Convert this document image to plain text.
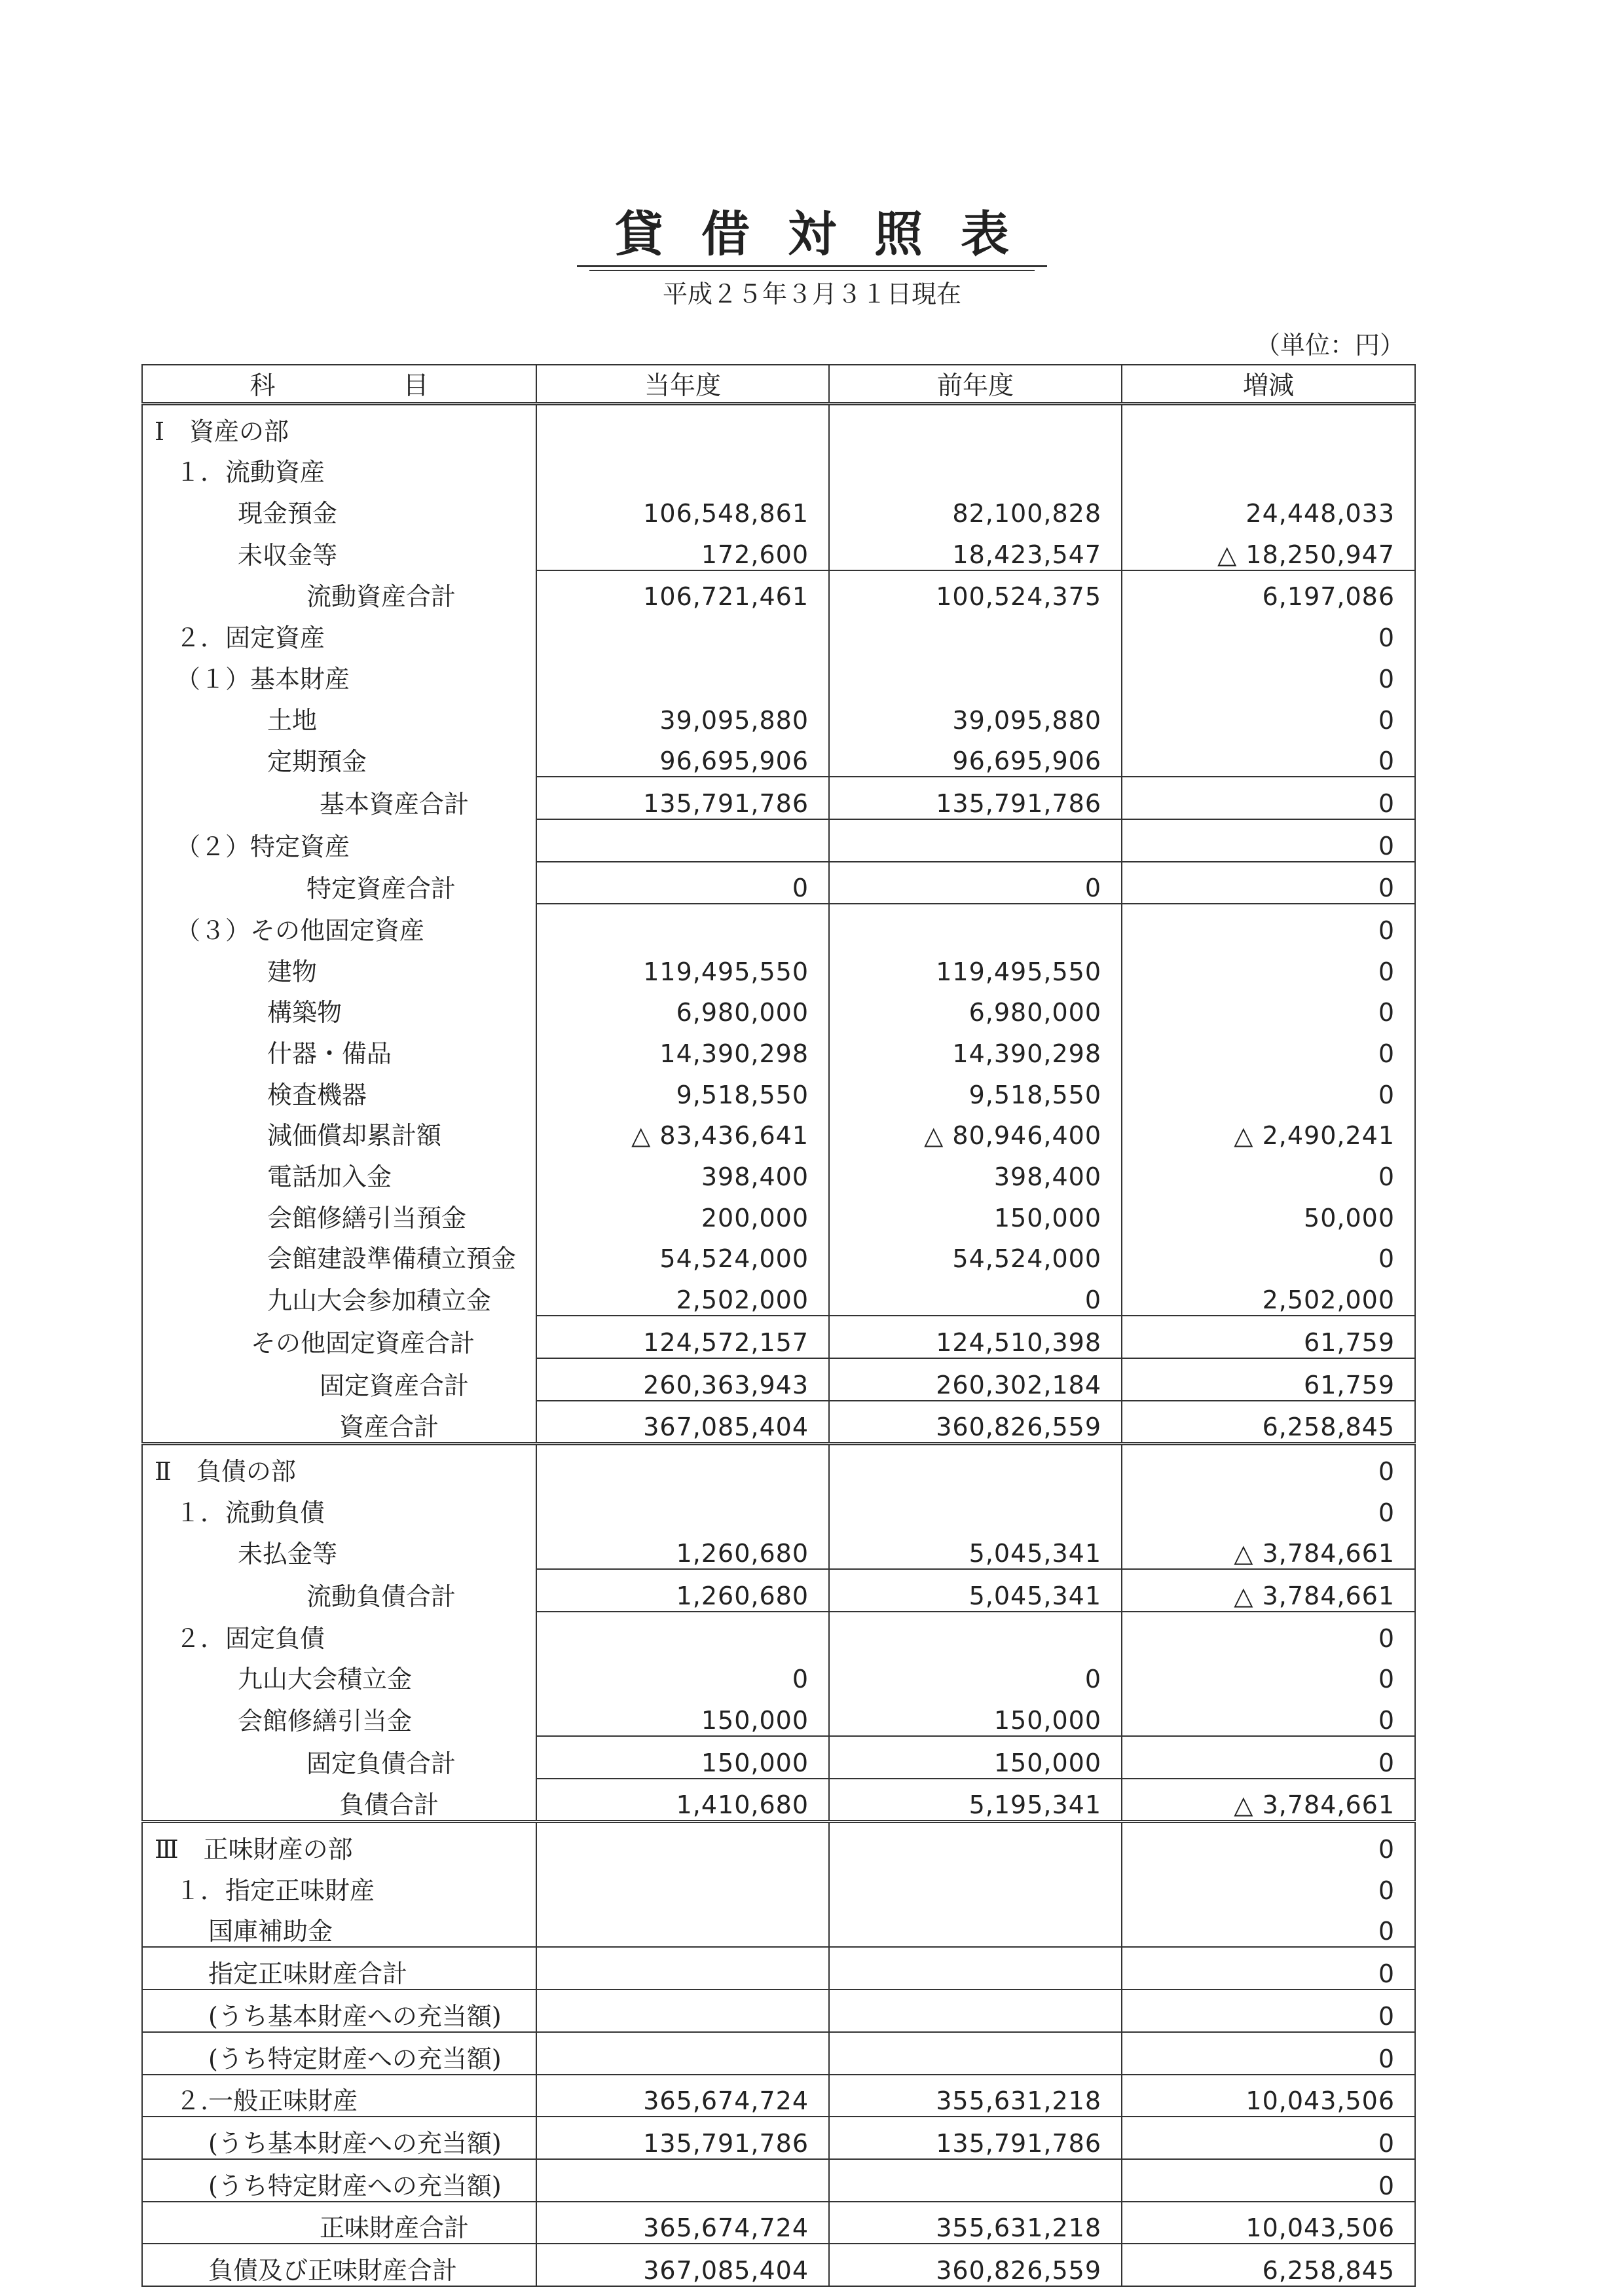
貸借対照表
平成２５年３月３１日現在
（単位：円）
科　　　　　目	当年度	前年度	増減
Ⅰ　資産の部			
１．流動資産			
現金預金	106,548,861	82,100,828	24,448,033
未収金等	172,600	18,423,547	△ 18,250,947
流動資産合計	106,721,461	100,524,375	6,197,086
２．固定資産			0
（１）基本財産			0
土地	39,095,880	39,095,880	0
定期預金	96,695,906	96,695,906	0
基本資産合計	135,791,786	135,791,786	0
（２）特定資産			0
特定資産合計	0	0	0
（３）その他固定資産			0
建物	119,495,550	119,495,550	0
構築物	6,980,000	6,980,000	0
什器・備品	14,390,298	14,390,298	0
検査機器	9,518,550	9,518,550	0
減価償却累計額	△ 83,436,641	△ 80,946,400	△ 2,490,241
電話加入金	398,400	398,400	0
会館修繕引当預金	200,000	150,000	50,000
会館建設準備積立預金	54,524,000	54,524,000	0
九山大会参加積立金	2,502,000	0	2,502,000
その他固定資産合計	124,572,157	124,510,398	61,759
固定資産合計	260,363,943	260,302,184	61,759
資産合計	367,085,404	360,826,559	6,258,845
Ⅱ　負債の部			0
１．流動負債			0
未払金等	1,260,680	5,045,341	△ 3,784,661
流動負債合計	1,260,680	5,045,341	△ 3,784,661
２．固定負債			0
九山大会積立金	0	0	0
会館修繕引当金	150,000	150,000	0
固定負債合計	150,000	150,000	0
負債合計	1,410,680	5,195,341	△ 3,784,661
Ⅲ　正味財産の部			0
１．指定正味財産			0
国庫補助金			0
指定正味財産合計			0
(うち基本財産への充当額)			0
(うち特定財産への充当額)			0
２.一般正味財産	365,674,724	355,631,218	10,043,506
(うち基本財産への充当額)	135,791,786	135,791,786	0
(うち特定財産への充当額)			0
正味財産合計	365,674,724	355,631,218	10,043,506
負債及び正味財産合計	367,085,404	360,826,559	6,258,845
